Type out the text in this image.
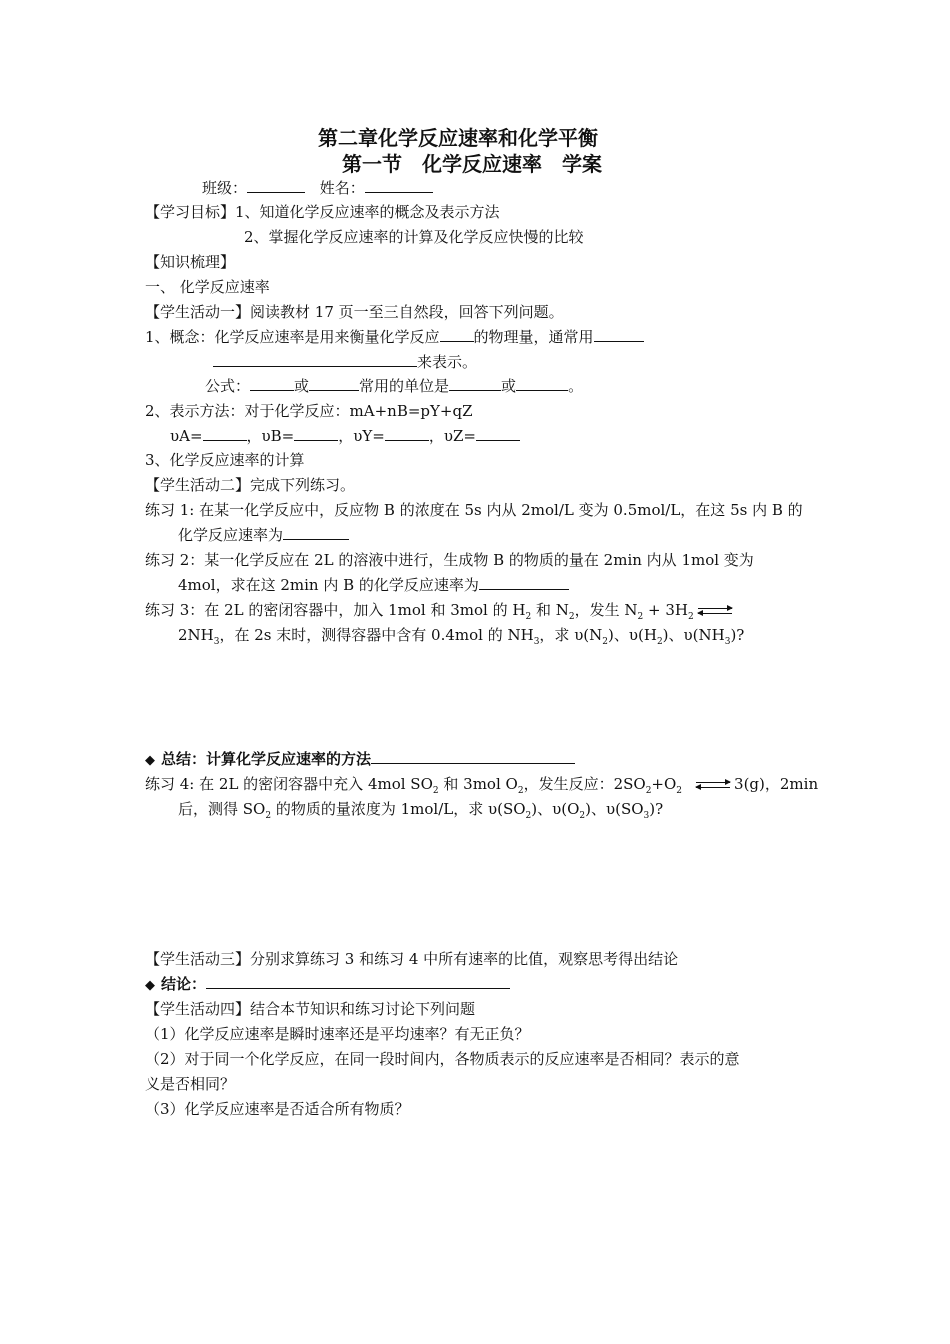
第二章化学反应速率和化学平衡
第一节　化学反应速率　学案
班级：	姓名：
【学习目标】1、知道化学反应速率的概念及表示方法
2、掌握化学反应速率的计算及化学反应快慢的比较
【知识梳理】
一、 化学反应速率
【学生活动一】阅读教材 17 页一至三自然段，回答下列问题。
1、概念：化学反应速率是用来衡量化学反应 的物理量，通常用
来表示。
公式：	或	常用的单位是	或	。
2、表示方法：对于化学反应：mA+nB=pY+qZ
υA=	，υB=	，υY=	，υZ=
3、化学反应速率的计算
【学生活动二】完成下列练习。
练习 1: 在某一化学反应中，反应物 B 的浓度在 5s 内从 2mol/L 变为 0.5mol/L，在这 5s 内 B 的
化学反应速率为
练习 2：某一化学反应在 2L 的溶液中进行，生成物 B 的物质的量在 2min 内从 1mol 变为
4mol，求在这 2min 内 B 的化学反应速率为
练习 3：在 2L 的密闭容器中，加入 1mol 和 3mol 的 $H_2$ 和 $N_2$，发生 $N_2 + 3H_2$ ⇌
$2NH_3$，在 2s 末时，测得容器中含有 0.4mol 的 $NH_3$，求 $\upsilon(N_2)$、$\upsilon(H_2)$、$\upsilon(NH_3)$?
◆ 总结：计算化学反应速率的方法
练习 4: 在 2L 的密闭容器中充入 4mol $SO_2$ 和 3mol $O_2$，发生反应：$2SO_2+O_2$ ⇌ 3(g)，2min
后，测得 $SO_2$ 的物质的量浓度为 1mol/L，求 $\upsilon(SO_2)$、$\upsilon(O_2)$、$\upsilon(SO_3)$?
【学生活动三】分别求算练习 3 和练习 4 中所有速率的比值，观察思考得出结论
◆ 结论：
【学生活动四】结合本节知识和练习讨论下列问题
（1）化学反应速率是瞬时速率还是平均速率？有无正负？
（2）对于同一个化学反应，在同一段时间内，各物质表示的反应速率是否相同？表示的意
义是否相同？
（3）化学反应速率是否适合所有物质？
